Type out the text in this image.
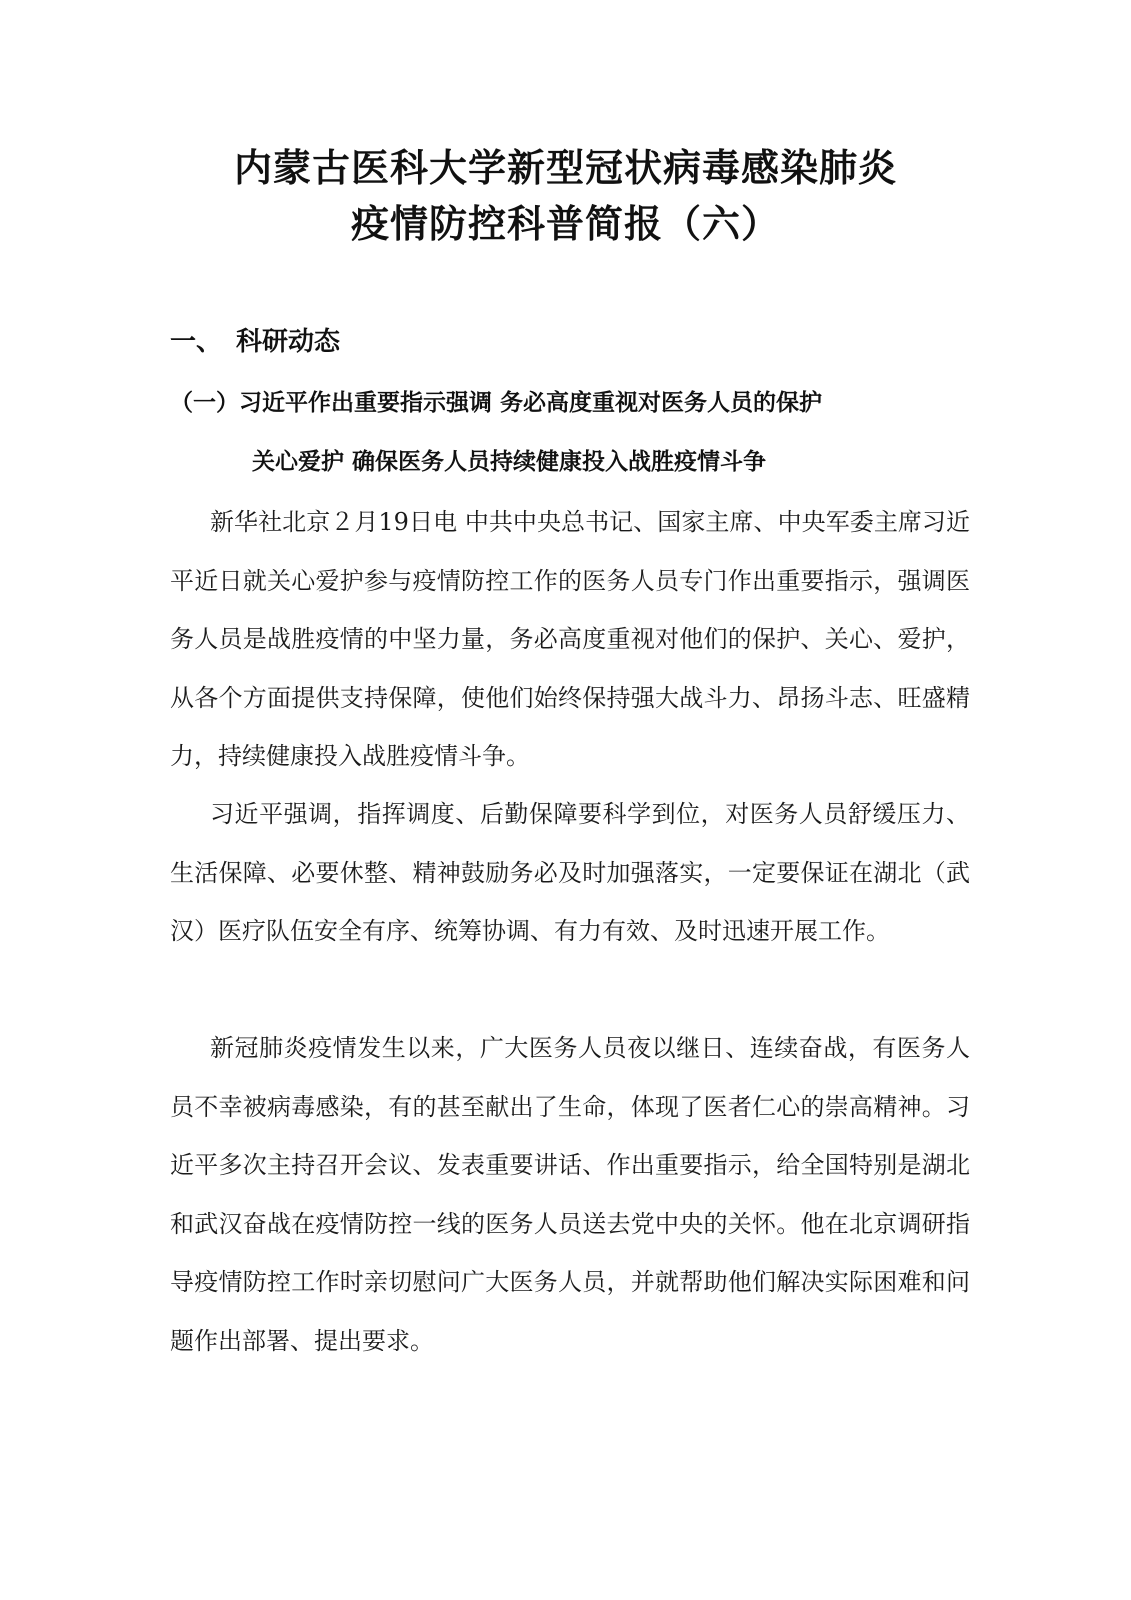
内蒙古医科大学新型冠状病毒感染肺炎
疫情防控科普简报（六）
一、 科研动态
（一）习近平作出重要指示强调 务必高度重视对医务人员的保护
关心爱护 确保医务人员持续健康投入战胜疫情斗争

新华社北京２月19日电 中共中央总书记、国家主席、中央军委主席习近平近日就关心爱护参与疫情防控工作的医务人员专门作出重要指示，强调医务人员是战胜疫情的中坚力量，务必高度重视对他们的保护、关心、爱护，从各个方面提供支持保障，使他们始终保持强大战斗力、昂扬斗志、旺盛精力，持续健康投入战胜疫情斗争。

习近平强调，指挥调度、后勤保障要科学到位，对医务人员舒缓压力、生活保障、必要休整、精神鼓励务必及时加强落实，一定要保证在湖北（武汉）医疗队伍安全有序、统筹协调、有力有效、及时迅速开展工作。

新冠肺炎疫情发生以来，广大医务人员夜以继日、连续奋战，有医务人员不幸被病毒感染，有的甚至献出了生命，体现了医者仁心的崇高精神。习近平多次主持召开会议、发表重要讲话、作出重要指示，给全国特别是湖北和武汉奋战在疫情防控一线的医务人员送去党中央的关怀。他在北京调研指导疫情防控工作时亲切慰问广大医务人员，并就帮助他们解决实际困难和问题作出部署、提出要求。
